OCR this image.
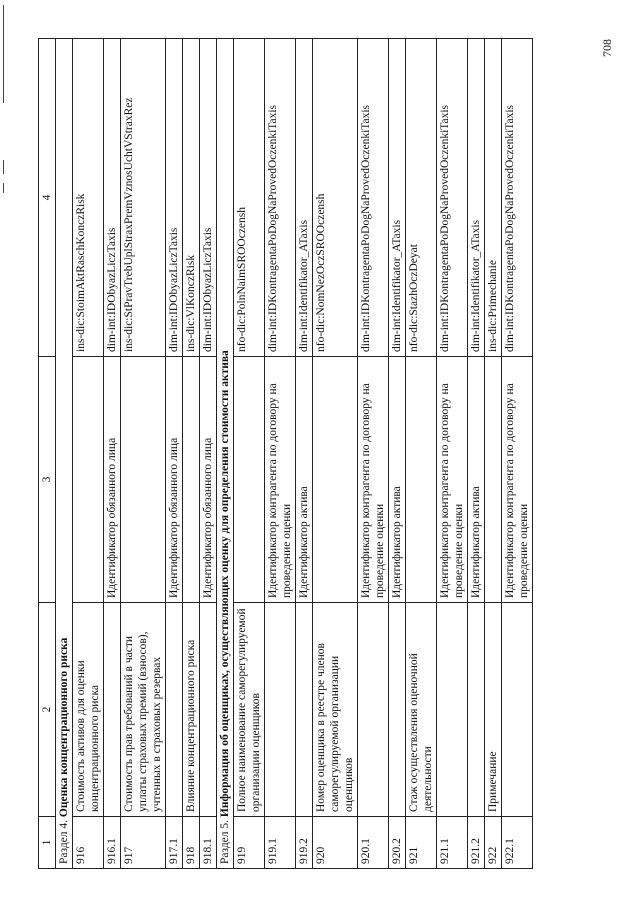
1	2	3	4
Раздел 4. Оценка концентрационного риска			
916	Стоимость активов для оценки концентрационного риска		ins-dic:StoimAktRaschKonczRisk
916.1		Идентификатор обязанного лица	dim-int:IDObyazLiczTaxis
917	Стоимость прав требований в части уплаты страховых премий (взносов), учтенных в страховых резервах		ins-dic:StPravTrebUplStraxPremVznosUchtVStraxRez
917.1		Идентификатор обязанного лица	dim-int:IDObyazLiczTaxis
918	Влияние концентрационного риска		ins-dic:VlKonczRisk
918.1		Идентификатор обязанного лица	dim-int:IDObyazLiczTaxis
Раздел 5. Информация об оценщиках, осуществляющих оценку для определения стоимости актива			
919	Полное наименование саморегулируемой организации оценщиков		nfo-dic:PolnNaimSROOczensh
919.1		Идентификатор контрагента по договору на проведение оценки	dim-int:IDKontragentaPoDogNaProvedOczenkiTaxis
919.2		Идентификатор актива	dim-int:Identifikator_ATaxis
920	Номер оценщика в реестре членов саморегулируемой организации оценщиков		nfo-dic:NomNezOczSROOczensh
920.1		Идентификатор контрагента по договору на проведение оценки	dim-int:IDKontragentaPoDogNaProvedOczenkiTaxis
920.2		Идентификатор актива	dim-int:Identifikator_ATaxis
921	Стаж осуществления оценочной деятельности		nfo-dic:StazhOczDeyat
921.1		Идентификатор контрагента по договору на проведение оценки	dim-int:IDKontragentaPoDogNaProvedOczenkiTaxis
921.2		Идентификатор актива	dim-int:Identifikator_ATaxis
922	Примечание		ins-dic:Primechanie
922.1		Идентификатор контрагента по договору на проведение оценки	dim-int:IDKontragentaPoDogNaProvedOczenkiTaxis
708
